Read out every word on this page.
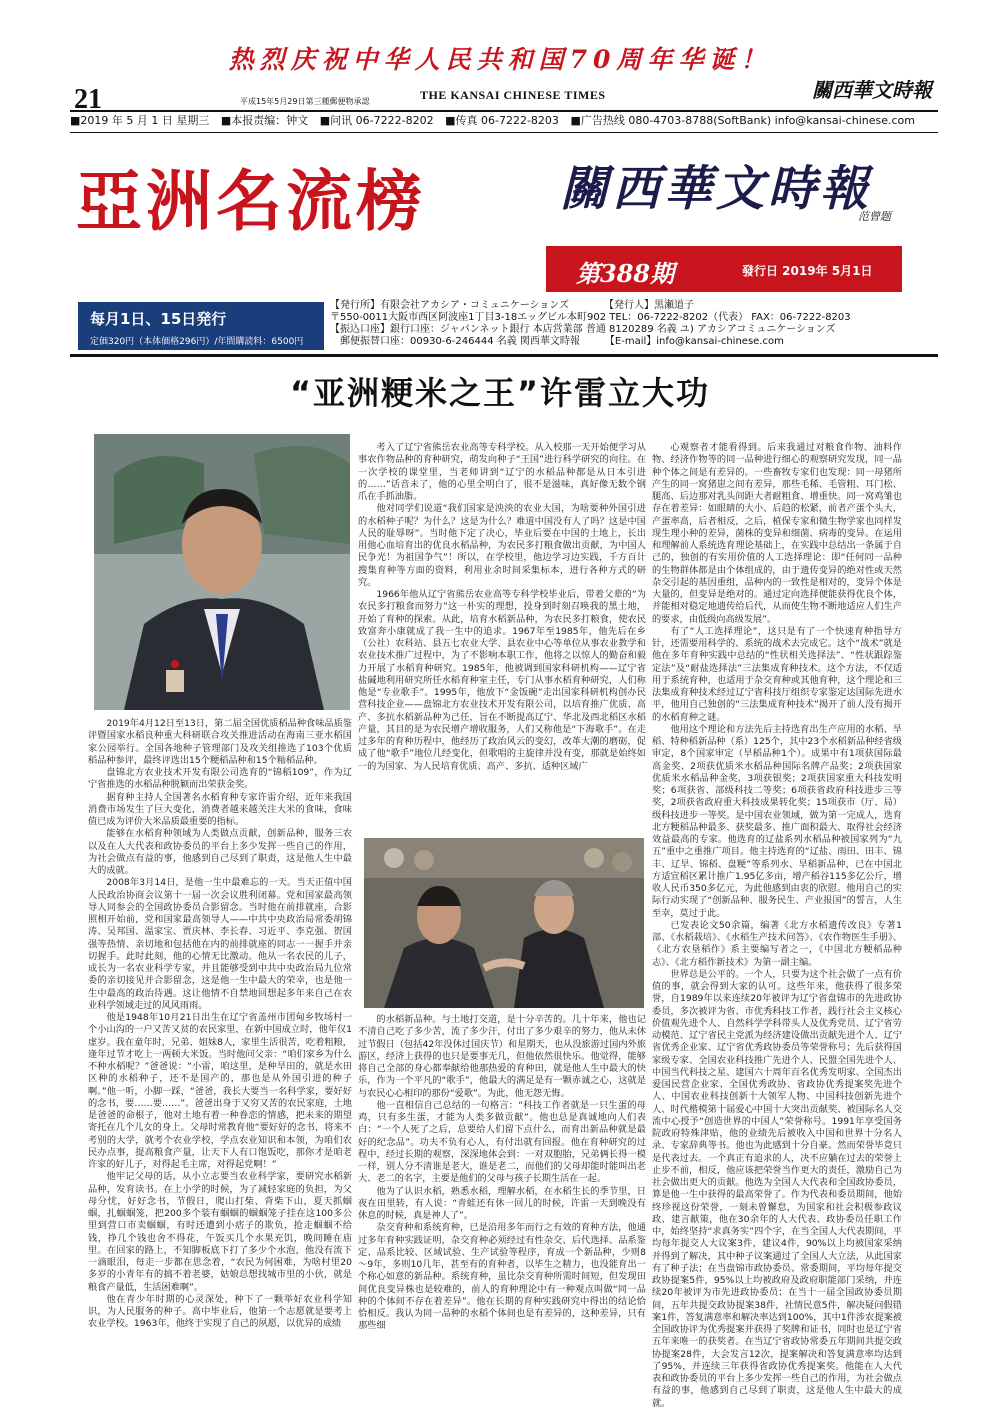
热烈庆祝中华人民共和国70周年华诞！
21	平成15年5月29日第三種郵便物承認	THE KANSAI CHINESE TIMES	關西華文時報
■2019 年 5 月 1 日 星期三 ■本报责编：钟文 ■问讯 06-7222-8202 ■传真 06-7222-8203 ■广告热线 080-4703-8788(SoftBank) info@kansai-chinese.com
亞洲名流榜	關西華文時報
范曾题
第388期	發行日 2019年 5月1日
每月1日、15日発行
定価320円（本体価格296円）/年間購読料：6500円
【発行所】有限会社アカシア・コミュニケーションズ　　　　【発行人】黒瀬道子
〒550-0011大阪市西区阿波座1丁目3-18エッグビル本町902 TEL：06-7222-8202（代表） FAX：06-7222-8203
【振込口座】銀行口座：ジャパンネット銀行 本店営業部 普通 8120289 名義 ユ) アカシアコミュニケーションズ
　郵便振替口座：00930-6-246444 名義 関西華文時報　　　【E-mail】info@kansai-chinese.com
“亚洲粳米之王”许雷立大功

2019年4月12日至13日，第二届全国优质稻品种食味品质鉴评暨国家水稻良种重大科研联合攻关推进活动在海南三亚水稻国家公园举行。全国各地种子管理部门及攻关组推选了103个优质稻品种参评，最终评选出15个粳稻品种和15个籼稻品种。

盘锦北方农业技术开发有限公司选育的“锦稻109”，作为辽宁省推选的水稻品种脱颖而出荣获金奖。

据育种主持人全国著名水稻育种专家许雷介绍，近年来我国消费市场发生了巨大变化，消费者越来越关注大米的食味，食味值已成为评价大米品质最重要的指标。

能够在水稻育种领域为人类做点贡献，创新品种，服务三农以及在人大代表和政协委员的平台上多少发挥一些自己的作用，为社会做点有益的事，他感到自己尽到了职责，这是他人生中最大的成就。

2008年3月14日，是他一生中最难忘的一天。当天正值中国人民政治协商会议第十一届一次会议胜利闭幕。党和国家最高领导人同参会的全国政协委员合影留念。当时他在前排就座，合影照相开始前，党和国家最高领导人——中共中央政治局常委胡锦涛、吴邦国、温家宝、贾庆林、李长春、习近平、李克强、贺国强等热情、亲切地和包括他在内的前排就座的同志一一握手并亲切握手。此时此刻，他的心情无比激动。他从一名农民的儿子，成长为一名农业科学专家，并且能够受到中共中央政治局九位常委的亲切接见并合影留念，这是他一生中最大的荣幸，也是他一生中最高的政治待遇。这让他情不自禁地回想起多年来自己在农业科学领域走过的风风雨雨。

他是1948年10月21日出生在辽宁省盖州市团甸乡牧场村一个小山沟的一户又苦又贫的农民家里，在新中国成立时，他年仅1虚岁。我在童年时，兄弟、姐妹8人，家里生活很苦，吃着粗粮，逢年过节才吃上一两顿大米饭。当时他问父亲：“咱们家乡为什么不种水稻呢？”爸爸说：“小雷，咱这里，是种旱田的，就是水田区种的水稻种子，还不是国产的，那也是从外国引进的种子啊。”他一听，小脚一踩，“爸爸，我长大要当一名科学家，要好好的念书，要……要……”。爸爸出身于又穷又苦的农民家庭，土地是爸爸的命根子，他对土地有着一种眷恋的情感，把未来的期望寄托在几个儿女的身上。父母时常教育他“要好好的念书，将来不考别的大学，就考个农业学校，学点农业知识和本领，为咱们农民办点事，提高粮食产量，让天下人有口饱饭吃，那你才是咱老许家的好儿子，对得起毛主席，对得起党啊！”

他牢记父母的话，从小立志要当农业科学家，要研究水稻新品种，发育读书。在上小学的时候，为了减轻家庭的负担，为父母分忧，好好念书，节假日，爬山打柴、背柴下山，夏天抓蝈蝈，扎蝈蝈笼，把200多个装有蝈蝈的蝈蝈笼子挂在这100多公里到营口市卖蝈蝈，有时还遭到小痞子的欺负，抢走蝈蝈不给钱，挣几个钱也舍不得花，午饭买几个水果充饥，晚间睡在庙里。在回家的路上，不知脚板底下打了多少个水泡，他没有流下一滴眼泪，每走一步都在思念着，“农民为何困难，为啥村里20多岁的小青年有的搞不着老婆，姑娘总想找城市里的小伙，就是粮食产量低，生活困难啊”。

他在青少年时期的心灵深处，种下了一颗举好农业科学知识，为人民服务的种子。高中毕业后，他第一个志愿就是要考上农业学校。1963年，他终于实现了自己的夙愿，以优异的成绩

考入了辽宁省熊岳农业高等专科学校。从入校那一天开始便学习从事农作物品种的育种研究，萌发向种子“王国”进行科学研究的向往。在一次学校的课堂里，当老师讲到“辽宁的水稻品种都是从日本引进的……”话音未了，他的心里全明白了，很不是滋味，真好像无数个钢爪在手抓油脂。

他对同学们说道“我们国家是泱泱的农业大国，为啥要种外国引进的水稻种子呢？为什么？这是为什么？难道中国没有人了吗？这是中国人民的耻辱呀”。当时他下定了决心，毕业后要在中国的土地上，长出用他心血培育出的优良水稻品种，为农民多打粮食做出贡献，为中国人民争光！为祖国争气”！所以，在学校里，他边学习边实践，千方百计搜集育种等方面的资料，利用业余时间采集标本，进行各种方式的研究。

1966年他从辽宁省熊岳农业高等专科学校毕业后，带着父辈的“为农民多打粮食而努力”这一朴实的理想，投身到时刻召唤我的黑土地，开始了育种的探索。从此，培育水稻新品种，为农民多打粮食，使农民致富奔小康就成了我一生中的追求。1967年至1985年，他先后在乡（公社）农科站、县五七农业大学、县农业中心等单位从事农业教学和农业技术推广过程中，为了不影响本职工作，他将之以惊人的勤奋和毅力开展了水稻育种研究。1985年，他被调到国家科研机构——辽宁省盐碱地利用研究所任水稻育种室主任，专门从事水稻育种研究，人们称他是“专业歌手”。1995年，他放下“金饭碗”走出国家科研机构创办民营科技企业——盘锦北方农业技术开发有限公司，以培育推广优质、高产、多抗水稻新品种为己任，旨在不断提高辽宁、华北及西北稻区水稻产量，其目的是为农民增产增收服务，人们又称他是“下海歌手”。在走过多年的育种历程中，他经历了政治风云的变幻，改革大潮的磨砺，促成了他“歌手”地位几经变化，但歌唱的主旋律并没有变，那就是始终如一的为国家、为人民培育优质、高产、多抗、适种区域广

的水稻新品种。与土地打交道，是十分辛苦的。几十年来，他也记不清自己吃了多少苦，流了多少汗，付出了多少艰辛的努力，他从未休过节假日（包括42年没休过国庆节）和星期天，也从没旅游过国内外旅游区，经济上获得的也只是要事无几，但他依然很快乐。他觉得，能够将自己全部的身心都奉献给他那热爱的育种田，就是他人生中最大的快乐，作为一个平凡的“歌手”，他最大的满足是有一颗赤诚之心，这就是与农民心心相印的那份“爱歌”。为此，他无怨无悔。

他一直相信自己总结的一句格言：“科技工作者就是一只生蛋的母鸡，只有多生蛋，才能为人类多做贡献”。他也总是真诚地向人们表白：“一个人死了之后，总要给人们留下点什么，而育出新品种就是最好的纪念品”。功夫不负有心人，有付出就有回报。他在育种研究的过程中，经过长期的观察，深深地体会到：一对双胞胎，兄弟俩长得一模一样，别人分不清谁是老大，谁是老二，而他们的父母却能时能叫出老大、老二的名字，主要是他们的父母与孩子长期生活在一起。

他为了认识水稻，熟悉水稻，理解水稻，在水稻生长的季节里，日夜在田里转，有人说：“青蛙还有休一回儿的时候，许雷一天到晚没有休息的时候，真是神人了”。

杂交育种和系统育种，已是沿用多年而行之有效的育种方法，他通过多年育种实践证明，杂交育种必须经过有性杂交、后代选择、品系鉴定、品系比较、区域试验、生产试验等程序，育成一个新品种，少则8～9年，多则10几年，甚至有的育种者，以毕生之精力，也没能育出一个称心如意的新品种。系统育种，虽比杂交育种所需时间短，但发现田间优良变异株也是较难的，前人的育种理论中有一种观点叫做“同一品种的个体间不存在着差异”。他在长期的育种实践研究中得出的结论恰恰相反。我认为同一品种的水稻个体间也是有差异的，这种差异，只有那些细

心观察者才能看得到。后来我通过对粮食作物、油料作物、经济作物等的同一品种进行细心的观察研究发现，同一品种个体之间是有差异的。一些畜牧专家们也发现：同一母猪所产生的同一窝猪崽之间有差异，那些毛稀、毛管粗、耳门松、腿高、后边那对乳头间距大者耐粗食、增重快。同一窝鸡雏也存在着差异：如眼睛的大小、后趋的松紧，前者产蛋个头大，产蛋率高，后者相反，之后，植保专家和微生物学家也同样发现生理小种的差异，菌株的变异和细菌、病毒的变异。在运用和理解前人系统选育理论基础上，在实践中总结出一条属于自己的，独创的有实用价值的人工选择理论：即“任何同一品种的生物群体都是由个体组成的，由于遗传变异的绝对性或天然杂交引起的基因重组，品种内的一致性是相对的，变异个体是大量的，但变异是绝对的。通过定向选择便能获得优良个体，并能相对稳定地遗传给后代，从而使生物不断地适应人们生产的要求，由低级向高级发展”。

有了“人工选择理论”，这只是有了一个快速育种指导方针，还需要用科学的、系统的战术去完成它。这个“战术”就是他在多年育种实践中总结的“性状相关选择法”、“性状跟踪鉴定法”及“耐盐选择法”三法集成育种技术。这个方法，不仅适用于系统育种，也适用于杂交育种或其他育种，这个理论和三法集成育种技术经过辽宁省科技厅组织专家鉴定达国际先进水平，他用自己独创的“三法集成育种技术”揭开了前人没有揭开的水稻育种之谜。

他用这个理论和方法先后主持选育出生产应用的水稻、旱稻、特种稻新品种（系）125个，其中23个水稻新品种经省级审定，8个国家审定（旱稻品种1个）。成果中有1项获国际最高金奖、2项获优质米水稻品种国际名牌产品奖；2项获国家优质米水稻品种金奖，3项获银奖；2项获国家重大科技发明奖；6项获省、部级科技二等奖；6项获省政府科技进步三等奖，2项获省政府重大科技成果转化奖；15项获市（厅、局）级科技进步一等奖。是中国农业领域，做为第一完成人，选育北方粳稻品种最多、获奖最多、推广面积最大、取得社会经济效益最高的专家。他选育的辽盐系列水稻品种被国家列为“九五”重中之重推广项目。他主持选育的“辽盐、雨田、田丰、锦丰、辽旱、锦稻、盘粳”等系列水、旱稻新品种，已在中国北方适宜稻区累计推广1.95亿多亩，增产稻谷115多亿公斤，增收人民币350多亿元，为此他感到由衷的欣慰。他用自己的实际行动实现了“创新品种、服务民生、产业报国”的誓言，人生至幸，莫过于此。

已发表论文50余篇，编著《北方水稻遗传改良》专著1部、《水稻栽培》、《水稻生产技术问答》、《农作物医生手册》、《北方农垦稻作》系主要编写者之一，《中国北方粳稻品种志》、《北方稻作新技术》为第一副主编。

世界总是公平的。一个人，只要为这个社会做了一点有价值的事，就会得到大家的认可。这些年来，他获得了很多荣誉，自1989年以来连续20年被评为辽宁省盘锦市的先进政协委员，多次被评为省、市优秀科技工作者，践行社会主义核心价值观先进个人、自然科学学科带头人及优秀党员、辽宁省劳动模范、辽宁省民主党派为经济建设做出贡献先进个人、辽宁省优秀企业家、辽宁省优秀政协委员等荣誉称号；先后获得国家级专家、全国农业科技推广先进个人、民盟全国先进个人、中国当代科技之星、建国六十周年百名优秀发明家、全国杰出爱国民营企业家、全国优秀政协、省政协优秀提案奖先进个人、中国农业科技创新十大领军人物、中国科技创新先进个人、时代楷模第十届爱心中国十大突出贡献奖、被国际名人交流中心授予“创造世界的中国人”荣誉称号。1991年享受国务院政府特殊津贴，他的业绩先后被收入中国和世界十分名人录、专家辞典等书。他也为此感到十分自豪。然而荣誉毕竟只是代表过去。一个真正有追求的人，决不应躺在过去的荣誉上止步不前，相反，他应该把荣誉当作更大的责任，激励自己为社会做出更大的贡献。他选为全国人大代表和全国政协委员，算是他一生中获得的最高荣誉了。作为代表和委员期间，他始终珍视这份荣誉，一刻未曾懈怠，为国家和社会积极参政议政、建言献策，他在30余年的人大代表、政协委员任职工作中，始终坚持“求真务实”四个字，在当全国人大代表期间，平均每年提交人大议案3件，建议4件，90%以上均被国家采纳并得到了解决，其中种子议案通过了全国人大立法，从此国家有了种子法；在当盘锦市政协委员、常委期间，平均每年提交政协提案5件，95%以上均被政府及政府职能部门采纳，并连续20年被评为市先进政协委员；在当十一届全国政协委员期间，五年共提交政协提案38件，社情民意5件，解决疑问假错案1件，答复满意率和解决率达到100%，其中1件涉农提案被全国政协评为优秀提案并获得了奖牌和证书，同时也是辽宁省五年来唯一的获奖者。在当辽宁省政协常委五年期间共提交政协提案28件，大会发言12次，提案解决和答复满意率均达到了95%，并连续三年获得省政协优秀提案奖。他能在人大代表和政协委员的平台上多少发挥一些自己的作用，为社会做点有益的事，他感到自己尽到了职责，这是他人生中最大的成就。
